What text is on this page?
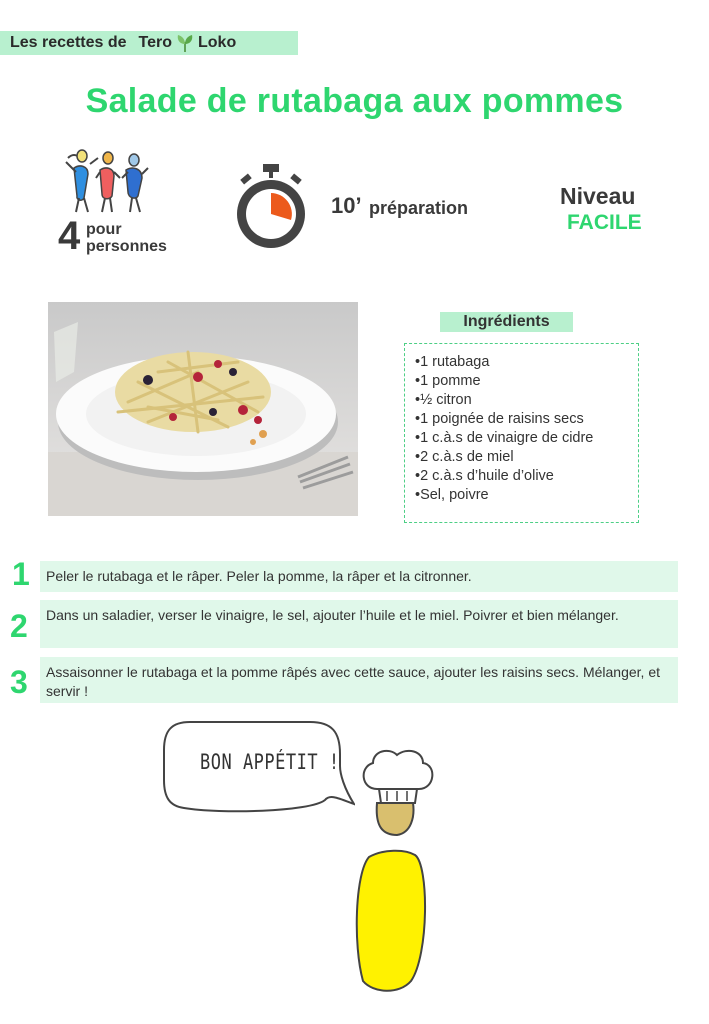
Les recettes de Tero Loko
Salade de rutabaga aux pommes
4 pour
personnes
10’ préparation	Niveau
FACILE
Ingrédients
•1 rutabaga
•1 pomme
•½ citron
•1 poignée de raisins secs
•1 c.à.s de vinaigre de cidre
•2 c.à.s de miel
•2 c.à.s d’huile d’olive
•Sel, poivre
1	Peler le rutabaga et le râper. Peler la pomme, la râper et la citronner.
2	Dans un saladier, verser le vinaigre, le sel, ajouter l’huile et le miel. Poivrer et bien mélanger.
3	Assaisonner le rutabaga et la pomme râpés avec cette sauce, ajouter les raisins secs. Mélanger, et servir !
BON APPÉTIT !
